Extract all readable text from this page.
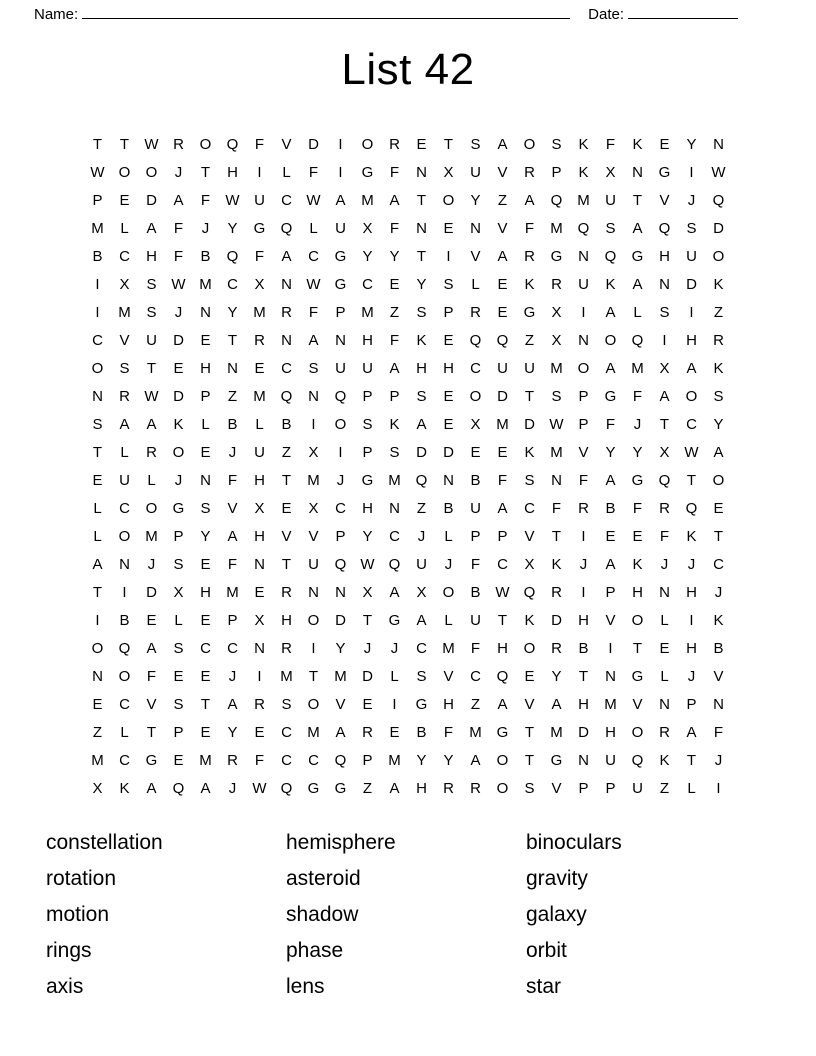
Name:	Date:
List 42
T	T	W R	O	Q	F	V	D	I	O	R	E	T	S	A	O	S	K	F	K	E	Y	N
W O	O	J	T	H	I	L	F	I	G	F	N	X	U	V	R	P	K	X	N	G	I	W
P	E	D	A	F	W U	C W A	M	A	T	O	Y	Z	A	Q M	U	T	V	J	Q
M	L	A	F	J	Y	G	Q	L	U	X	F	N	E	N	V	F	M Q	S	A	Q	S	D
B	C	H	F	B	Q	F	A	C	G	Y	Y	T	I	V	A	R	G	N	Q	G	H	U	O
I	X	S W M	C	X	N W G	C	E	Y	S	L	E	K	R	U	K	A	N	D	K
I	M	S	J	N	Y	M	R	F	P	M	Z	S	P	R	E	G	X	I	A	L	S	I	Z
C	V	U	D	E	T	R	N	A	N	H	F	K	E	Q	Q	Z	X	N	O	Q	I	H	R
O	S	T	E	H	N	E	C	S	U	U	A	H	H	C	U	U	M O	A	M	X	A	K
N	R W D	P	Z	M Q	N	Q	P	P	S	E	O	D	T	S	P	G	F	A	O	S
S	A	A	K	L	B	L	B	I	O	S	K	A	E	X	M	D W P	F	J	T	C	Y
T	L	R	O	E	J	U	Z	X	I	P	S	D	D	E	E	K	M	V	Y	Y	X W A
E	U	L	J	N	F	H	T	M	J	G M Q	N	B	F	S	N	F	A	G	Q	T	O
L	C	O	G	S	V	X	E	X	C	H	N	Z	B	U	A	C	F	R	B	F	R	Q	E
L	O M	P	Y	A	H	V	V	P	Y	C	J	L	P	P	V	T	I	E	E	F	K	T
A	N	J	S	E	F	N	T	U	Q W Q	U	J	F	C	X	K	J	A	K	J	J	C
T	I	D	X	H	M	E	R	N	N	X	A	X	O	B W Q	R	I	P	H	N	H	J
I	B	E	L	E	P	X	H	O	D	T	G	A	L	U	T	K	D	H	V	O	L	I	K
O	Q	A	S	C	C	N	R	I	Y	J	J	C	M	F	H	O	R	B	I	T	E	H	B
N	O	F	E	E	J	I	M	T	M	D	L	S	V	C	Q	E	Y	T	N	G	L	J	V
E	C	V	S	T	A	R	S	O	V	E	I	G	H	Z	A	V	A	H	M	V	N	P	N
Z	L	T	P	E	Y	E	C	M	A	R	E	B	F	M G	T	M	D	H	O	R	A	F
M	C	G	E	M	R	F	C	C	Q	P	M	Y	Y	A	O	T	G	N	U	Q	K	T	J
X	K	A	Q	A	J	W Q	G	G	Z	A	H	R	R	O	S	V	P	P	U	Z	L	I
constellation	hemisphere	binoculars
rotation	asteroid	gravity
motion	shadow	galaxy
rings	phase	orbit
axis	lens	star
